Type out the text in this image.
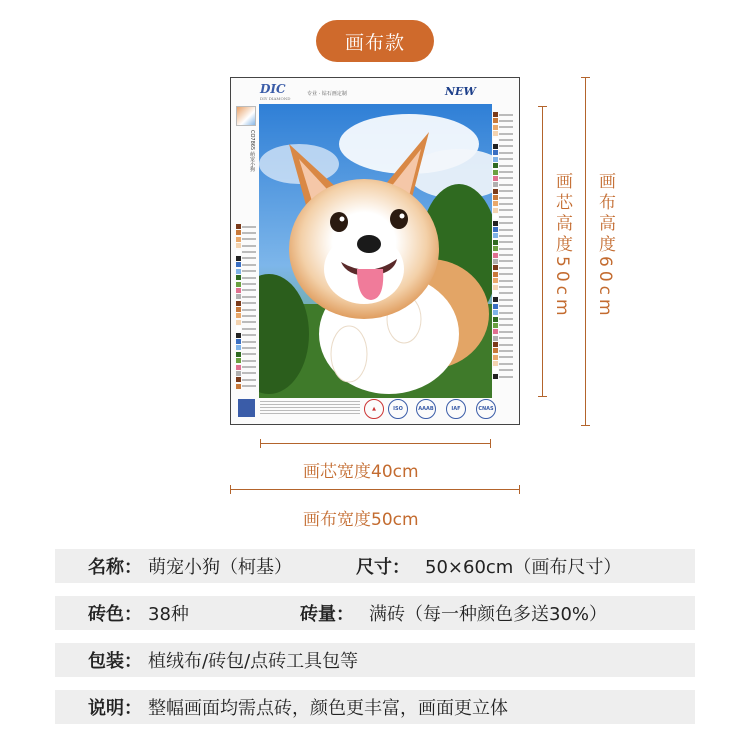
画布款
DIC
DIY DIAMOND
专业 · 钻石画定制	NEW
CO7865 萌宠小狗
▲	ISO	AAAB	IAF	CNAS
画芯宽度40cm
画布宽度50cm
画芯高度50cm 画布高度60cm
名称： 萌宠小狗（柯基）	尺寸： 50×60cm（画布尺寸）
砖色： 38种	砖量： 满砖（每一种颜色多送30%）
包装： 植绒布/砖包/点砖工具包等
说明： 整幅画面均需点砖，颜色更丰富，画面更立体
